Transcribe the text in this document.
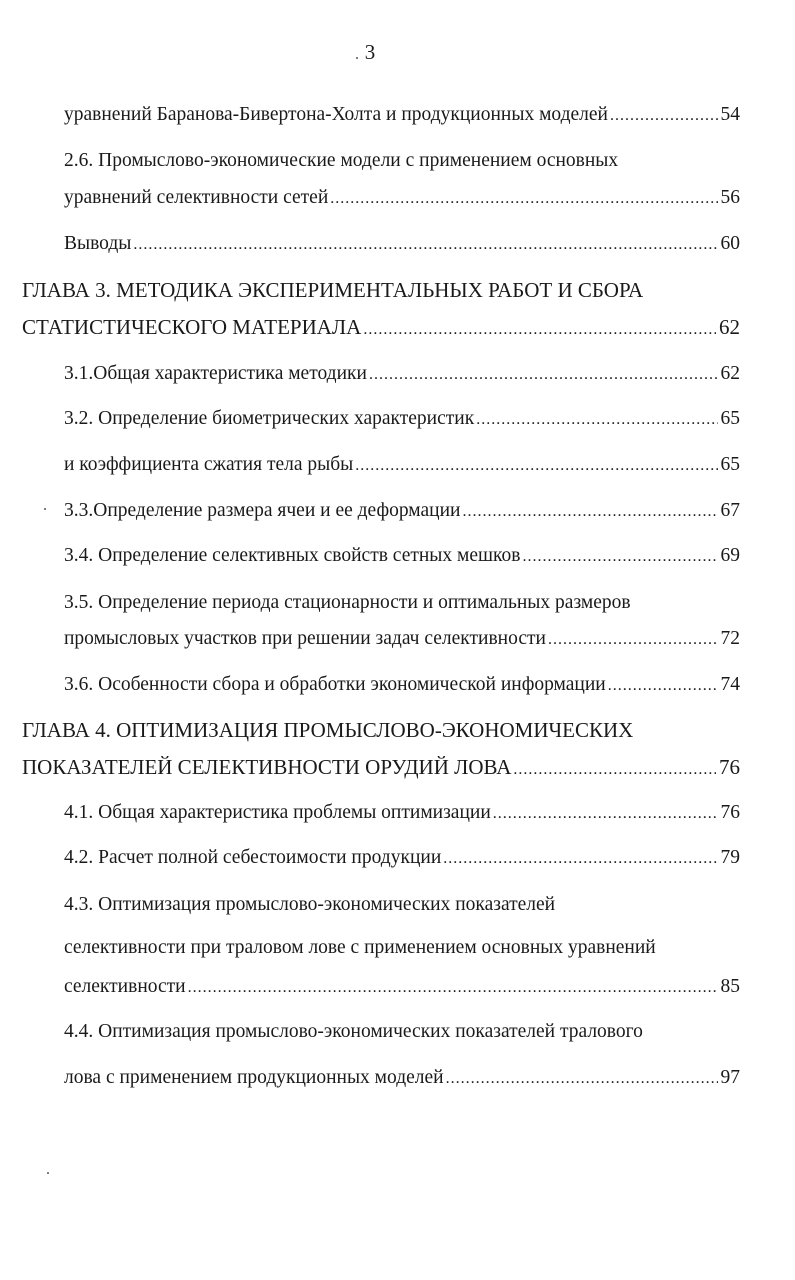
3
уравнений Баранова-Бивертона-Холта и продукционных моделей .....	54
2.6. Промыслово-экономические модели с применением основных
уравнений селективности сетей .....	56
Выводы .....	60
ГЛАВА 3. МЕТОДИКА ЭКСПЕРИМЕНТАЛЬНЫХ РАБОТ И СБОРА
СТАТИСТИЧЕСКОГО МАТЕРИАЛА .....	62
3.1.Общая характеристика методики .....	62
3.2. Определение биометрических характеристик .....	65
и коэффициента сжатия тела рыбы .....	65
3.3.Определение размера ячеи и ее деформации .....	67
3.4. Определение селективных свойств сетных мешков .....	69
3.5. Определение периода стационарности и оптимальных размеров
промысловых участков при решении задач селективности .....	72
3.6. Особенности сбора и обработки экономической информации .....	74
ГЛАВА 4. ОПТИМИЗАЦИЯ ПРОМЫСЛОВО-ЭКОНОМИЧЕСКИХ
ПОКАЗАТЕЛЕЙ СЕЛЕКТИВНОСТИ ОРУДИЙ ЛОВА .....	76
4.1. Общая характеристика проблемы оптимизации .....	76
4.2. Расчет полной себестоимости продукции .....	79
4.3. Оптимизация промыслово-экономических показателей
селективности при траловом лове с применением основных уравнений
селективности .....	85
4.4. Оптимизация промыслово-экономических показателей тралового
лова с применением продукционных моделей .....	97
